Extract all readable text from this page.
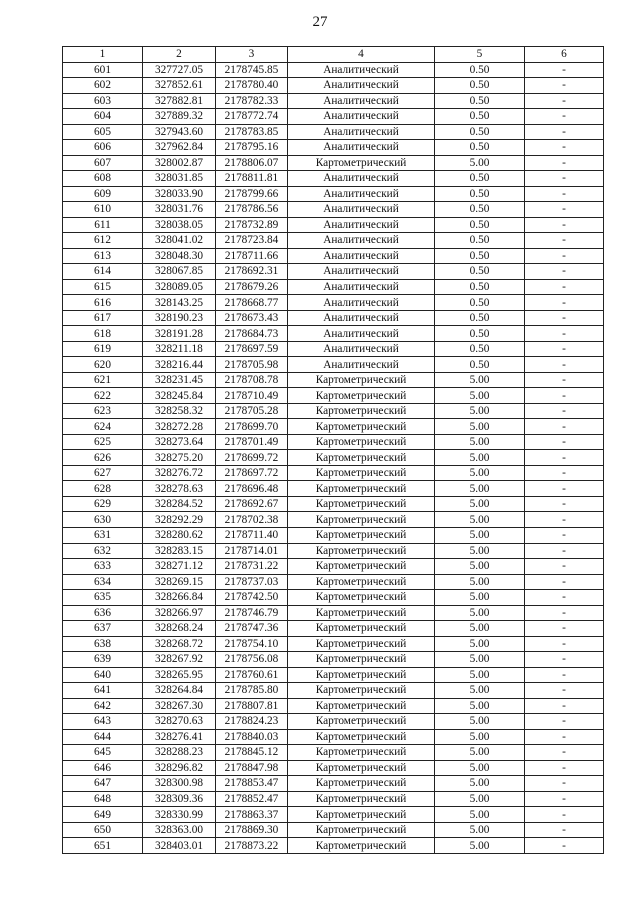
27
1	2	3	4	5	6
601	327727.05	2178745.85	Аналитический	0.50	-
602	327852.61	2178780.40	Аналитический	0.50	-
603	327882.81	2178782.33	Аналитический	0.50	-
604	327889.32	2178772.74	Аналитический	0.50	-
605	327943.60	2178783.85	Аналитический	0.50	-
606	327962.84	2178795.16	Аналитический	0.50	-
607	328002.87	2178806.07	Картометрический	5.00	-
608	328031.85	2178811.81	Аналитический	0.50	-
609	328033.90	2178799.66	Аналитический	0.50	-
610	328031.76	2178786.56	Аналитический	0.50	-
611	328038.05	2178732.89	Аналитический	0.50	-
612	328041.02	2178723.84	Аналитический	0.50	-
613	328048.30	2178711.66	Аналитический	0.50	-
614	328067.85	2178692.31	Аналитический	0.50	-
615	328089.05	2178679.26	Аналитический	0.50	-
616	328143.25	2178668.77	Аналитический	0.50	-
617	328190.23	2178673.43	Аналитический	0.50	-
618	328191.28	2178684.73	Аналитический	0.50	-
619	328211.18	2178697.59	Аналитический	0.50	-
620	328216.44	2178705.98	Аналитический	0.50	-
621	328231.45	2178708.78	Картометрический	5.00	-
622	328245.84	2178710.49	Картометрический	5.00	-
623	328258.32	2178705.28	Картометрический	5.00	-
624	328272.28	2178699.70	Картометрический	5.00	-
625	328273.64	2178701.49	Картометрический	5.00	-
626	328275.20	2178699.72	Картометрический	5.00	-
627	328276.72	2178697.72	Картометрический	5.00	-
628	328278.63	2178696.48	Картометрический	5.00	-
629	328284.52	2178692.67	Картометрический	5.00	-
630	328292.29	2178702.38	Картометрический	5.00	-
631	328280.62	2178711.40	Картометрический	5.00	-
632	328283.15	2178714.01	Картометрический	5.00	-
633	328271.12	2178731.22	Картометрический	5.00	-
634	328269.15	2178737.03	Картометрический	5.00	-
635	328266.84	2178742.50	Картометрический	5.00	-
636	328266.97	2178746.79	Картометрический	5.00	-
637	328268.24	2178747.36	Картометрический	5.00	-
638	328268.72	2178754.10	Картометрический	5.00	-
639	328267.92	2178756.08	Картометрический	5.00	-
640	328265.95	2178760.61	Картометрический	5.00	-
641	328264.84	2178785.80	Картометрический	5.00	-
642	328267.30	2178807.81	Картометрический	5.00	-
643	328270.63	2178824.23	Картометрический	5.00	-
644	328276.41	2178840.03	Картометрический	5.00	-
645	328288.23	2178845.12	Картометрический	5.00	-
646	328296.82	2178847.98	Картометрический	5.00	-
647	328300.98	2178853.47	Картометрический	5.00	-
648	328309.36	2178852.47	Картометрический	5.00	-
649	328330.99	2178863.37	Картометрический	5.00	-
650	328363.00	2178869.30	Картометрический	5.00	-
651	328403.01	2178873.22	Картометрический	5.00	-
